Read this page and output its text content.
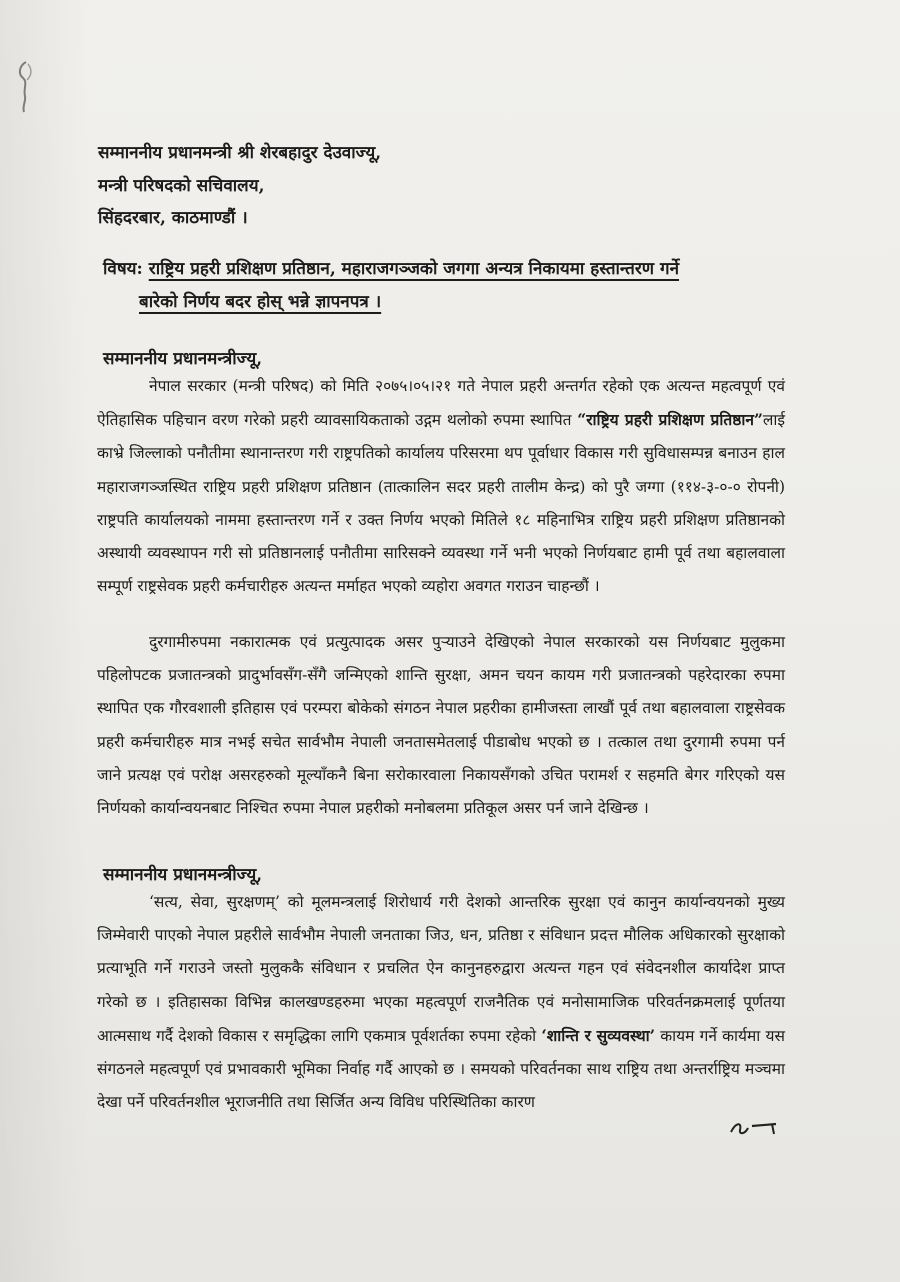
सम्माननीय प्रधानमन्त्री श्री शेरबहादुर देउवाज्यू,
मन्त्री परिषदको सचिवालय,
सिंहदरबार, काठमाण्डौं ।
विषय: राष्ट्रिय प्रहरी प्रशिक्षण प्रतिष्ठान, महाराजगञ्जको जगगा अन्यत्र निकायमा हस्तान्तरण गर्ने
बारेको निर्णय बदर होस् भन्ने ज्ञापनपत्र ।
सम्माननीय प्रधानमन्त्रीज्यू,

नेपाल सरकार (मन्त्री परिषद) को मिति २०७५।०५।२१ गते नेपाल प्रहरी अन्तर्गत रहेको एक अत्यन्त महत्वपूर्ण एवं ऐतिहासिक पहिचान वरण गरेको प्रहरी व्यावसायिकताको उद्गम थलोको रुपमा स्थापित “राष्ट्रिय प्रहरी प्रशिक्षण प्रतिष्ठान”लाई काभ्रे जिल्लाको पनौतीमा स्थानान्तरण गरी राष्ट्रपतिको कार्यालय परिसरमा थप पूर्वाधार विकास गरी सुविधासम्पन्न बनाउन हाल महाराजगञ्जस्थित राष्ट्रिय प्रहरी प्रशिक्षण प्रतिष्ठान (तात्कालिन सदर प्रहरी तालीम केन्द्र) को पुरै जग्गा (११४-३-०-० रोपनी) राष्ट्रपति कार्यालयको नाममा हस्तान्तरण गर्ने र उक्त निर्णय भएको मितिले १८ महिनाभित्र राष्ट्रिय प्रहरी प्रशिक्षण प्रतिष्ठानको अस्थायी व्यवस्थापन गरी सो प्रतिष्ठानलाई पनौतीमा सारिसक्ने व्यवस्था गर्ने भनी भएको निर्णयबाट हामी पूर्व तथा बहालवाला सम्पूर्ण राष्ट्रसेवक प्रहरी कर्मचारीहरु अत्यन्त मर्माहत भएको व्यहोरा अवगत गराउन चाहन्छौं ।

दुरगामीरुपमा नकारात्मक एवं प्रत्युत्पादक असर पुर्‍याउने देखिएको नेपाल सरकारको यस निर्णयबाट मुलुकमा पहिलोपटक प्रजातन्त्रको प्रादुर्भावसँग-सँगै जन्मिएको शान्ति सुरक्षा, अमन चयन कायम गरी प्रजातन्त्रको पहरेदारका रुपमा स्थापित एक गौरवशाली इतिहास एवं परम्परा बोकेको संगठन नेपाल प्रहरीका हामीजस्ता लाखौं पूर्व तथा बहालवाला राष्ट्रसेवक प्रहरी कर्मचारीहरु मात्र नभई सचेत सार्वभौम नेपाली जनतासमेतलाई पीडाबोध भएको छ । तत्काल तथा दुरगामी रुपमा पर्न जाने प्रत्यक्ष एवं परोक्ष असरहरुको मूल्याँकनै बिना सरोकारवाला निकायसँगको उचित परामर्श र सहमति बेगर गरिएको यस निर्णयको कार्यान्वयनबाट निश्चित रुपमा नेपाल प्रहरीको मनोबलमा प्रतिकूल असर पर्न जाने देखिन्छ ।

सम्माननीय प्रधानमन्त्रीज्यू,

‘सत्य, सेवा, सुरक्षणम्’ को मूलमन्त्रलाई शिरोधार्य गरी देशको आन्तरिक सुरक्षा एवं कानुन कार्यान्वयनको मुख्य जिम्मेवारी पाएको नेपाल प्रहरीले सार्वभौम नेपाली जनताका जिउ, धन, प्रतिष्ठा र संविधान प्रदत्त मौलिक अधिकारको सुरक्षाको प्रत्याभूति गर्ने गराउने जस्तो मुलुककै संविधान र प्रचलित ऐन कानुनहरुद्वारा अत्यन्त गहन एवं संवेदनशील कार्यादेश प्राप्त गरेको छ । इतिहासका विभिन्न कालखण्डहरुमा भएका महत्वपूर्ण राजनैतिक एवं मनोसामाजिक परिवर्तनक्रमलाई पूर्णतया आत्मसाथ गर्दै देशको विकास र समृद्धिका लागि एकमात्र पूर्वशर्तका रुपमा रहेको ‘शान्ति र सुव्यवस्था’ कायम गर्ने कार्यमा यस संगठनले महत्वपूर्ण एवं प्रभावकारी भूमिका निर्वाह गर्दै आएको छ । समयको परिवर्तनका साथ राष्ट्रिय तथा अन्तर्राष्ट्रिय मञ्चमा देखा पर्ने परिवर्तनशील भूराजनीति तथा सिर्जित अन्य विविध परिस्थितिका कारण
